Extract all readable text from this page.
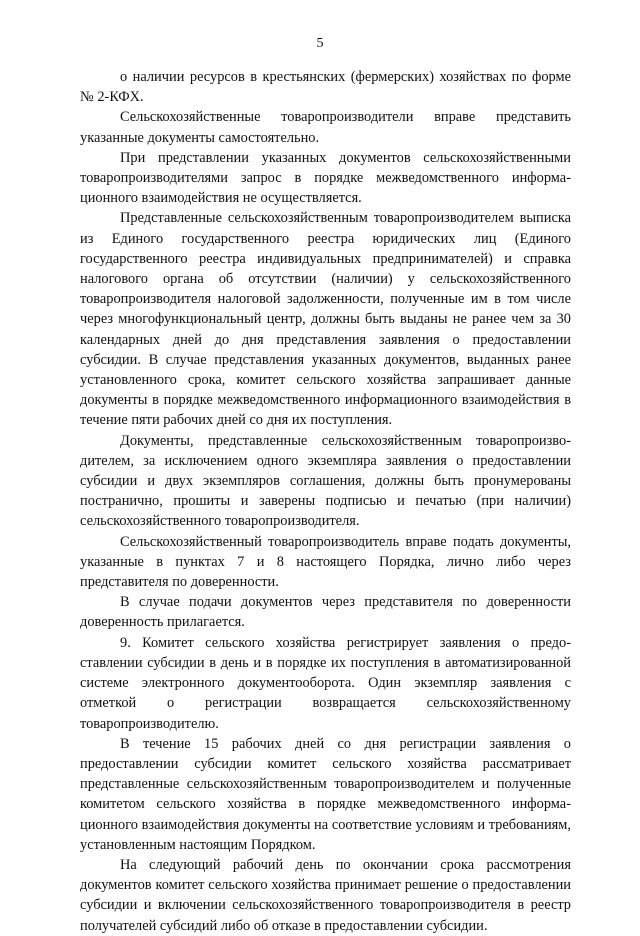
5

о наличии ресурсов в крестьянских (фермерских) хозяйствах по форме № 2-КФХ.

Сельскохозяйственные товаропроизводители вправе представить указанные документы самостоятельно.

При представлении указанных документов сельскохозяйственными товаропроизводителями запрос в порядке межведомственного информационного взаимодействия не осуществляется.

Представленные сельскохозяйственным товаропроизводителем выписка из Единого государственного реестра юридических лиц (Единого государственного реестра индивидуальных предпринимателей) и справка налогового органа об отсутствии (наличии) у сельскохозяйственного товаропроизводителя налоговой задолженности, полученные им в том числе через многофункциональный центр, должны быть выданы не ранее чем за 30 календарных дней до дня представления заявления о предоставлении субсидии. В случае представления указанных документов, выданных ранее установленного срока, комитет сельского хозяйства запрашивает данные документы в порядке межведомственного информационного взаимодействия в течение пяти рабочих дней со дня их поступления.

Документы, представленные сельскохозяйственным товаропроизводителем, за исключением одного экземпляра заявления о предоставлении субсидии и двух экземпляров соглашения, должны быть пронумерованы постранично, прошиты и заверены подписью и печатью (при наличии) сельскохозяйственного товаропроизводителя.

Сельскохозяйственный товаропроизводитель вправе подать документы, указанные в пунктах 7 и 8 настоящего Порядка, лично либо через представителя по доверенности.

В случае подачи документов через представителя по доверенности доверенность прилагается.

9. Комитет сельского хозяйства регистрирует заявления о предоставлении субсидии в день и в порядке их поступления в автоматизированной системе электронного документооборота. Один экземпляр заявления с отметкой о регистрации возвращается сельскохозяйственному товаропроизводителю.

В течение 15 рабочих дней со дня регистрации заявления о предоставлении субсидии комитет сельского хозяйства рассматривает представленные сельскохозяйственным товаропроизводителем и полученные комитетом сельского хозяйства в порядке межведомственного информационного взаимодействия документы на соответствие условиям и требованиям, установленным настоящим Порядком.

На следующий рабочий день по окончании срока рассмотрения документов комитет сельского хозяйства принимает решение о предоставлении субсидии и включении сельскохозяйственного товаропроизводителя в реестр получателей субсидий либо об отказе в предоставлении субсидии.
